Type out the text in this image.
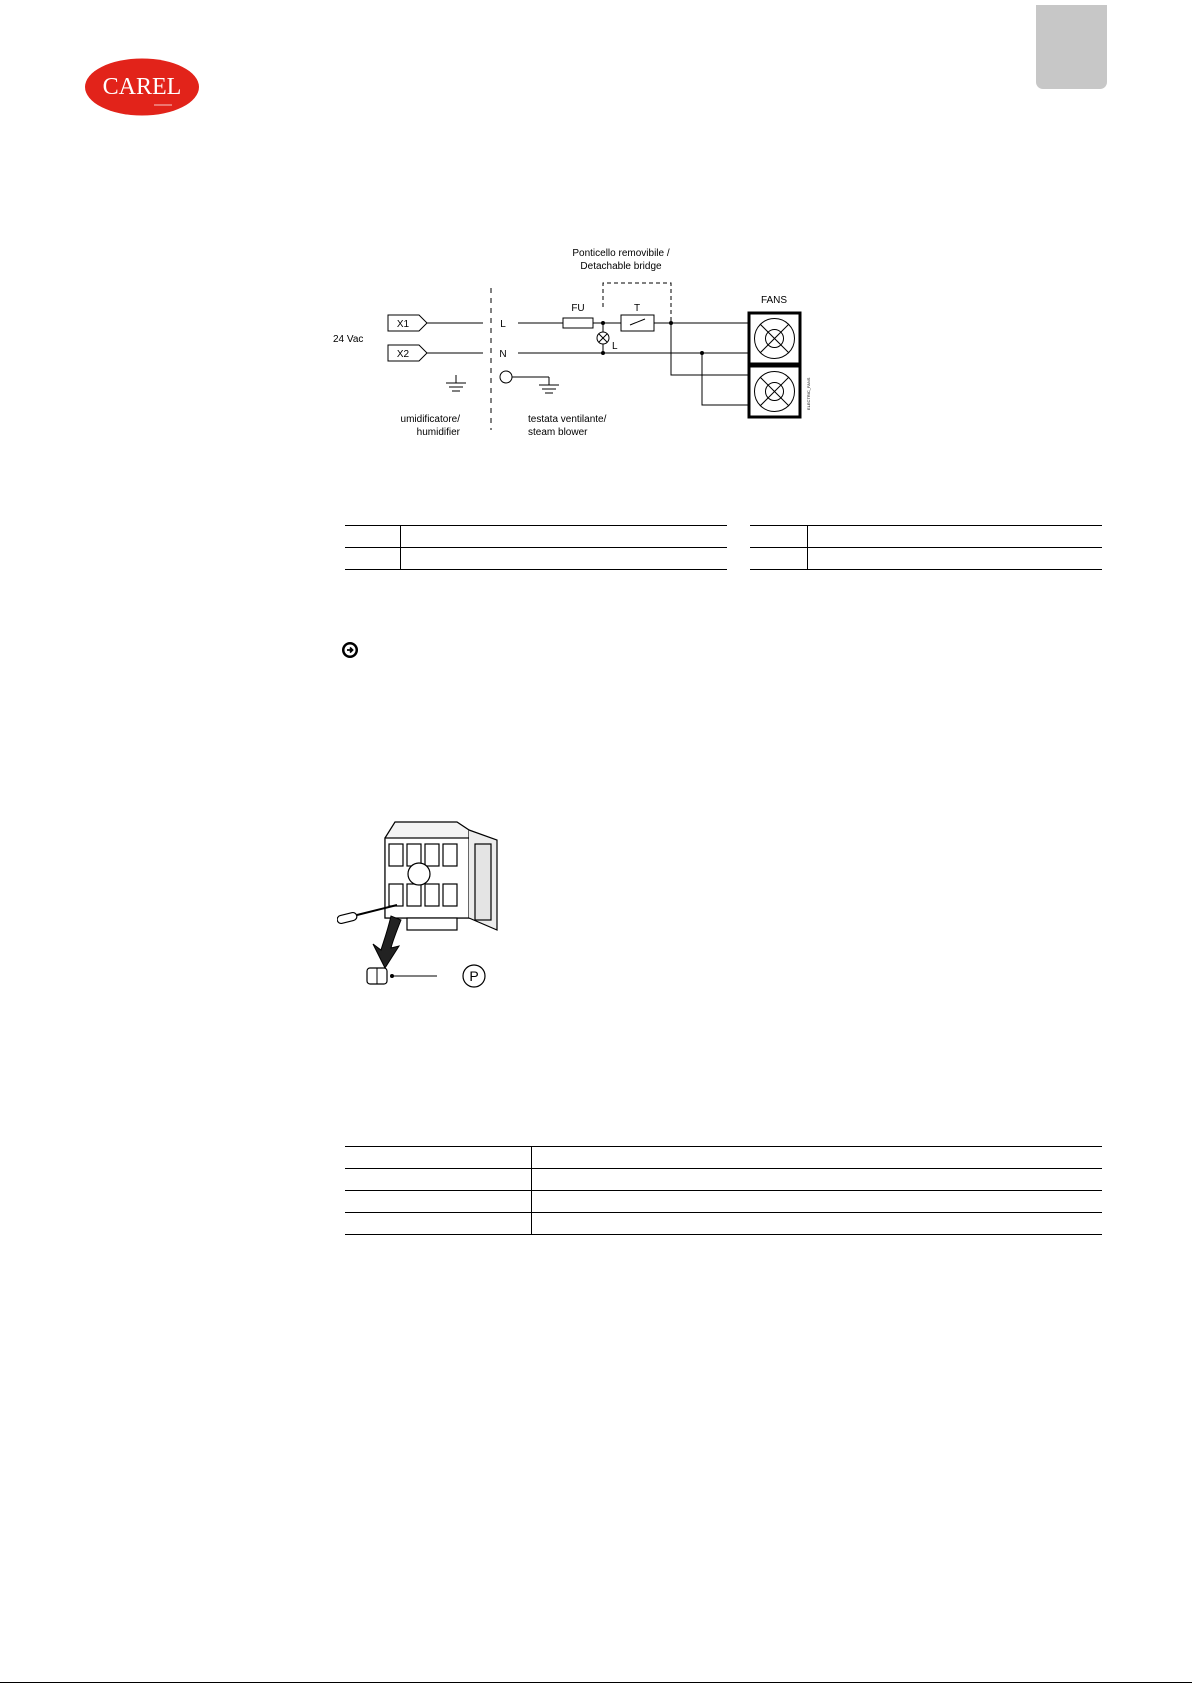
CAREL
Ponticello removibile /
Detachable bridge
24 Vac
X1
X2
L
N
FU	T
L
FANS
umidificatore/
humidifier
testata ventilante/
steam blower
ELECTRIC_FANS

P
